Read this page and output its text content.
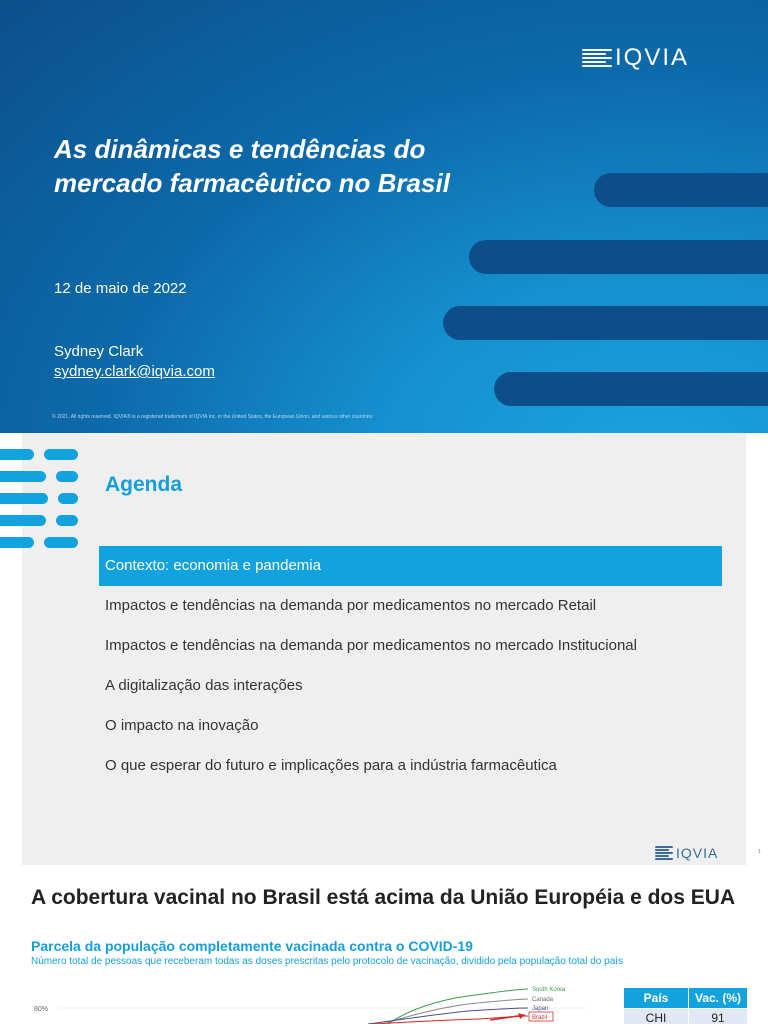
IQVIA
As dinâmicas e tendências do mercado farmacêutico no Brasil
12 de maio de 2022
Sydney Clark
sydney.clark@iqvia.com
© 2021. All rights reserved. IQVIA® is a registered trademark of IQVIA Inc. in the United States, the European Union, and various other countries.
Agenda
Contexto: economia e pandemia
Impactos e tendências na demanda por medicamentos no mercado Retail
Impactos e tendências na demanda por medicamentos no mercado Institucional
A digitalização das interações
O impacto na inovação
O que esperar do futuro e implicações para a indústria farmacêutica
IQVIA	1
A cobertura vacinal no Brasil está acima da União Européia e dos EUA
Parcela da população completamente vacinada contra o COVID-19
Número total de pessoas que receberam todas as doses prescritas pelo protocolo de vacinação, dividido pela população total do país
80%
South Korea
Canada
Japan
Brazil
País	Vac. (%)
CHI	91
